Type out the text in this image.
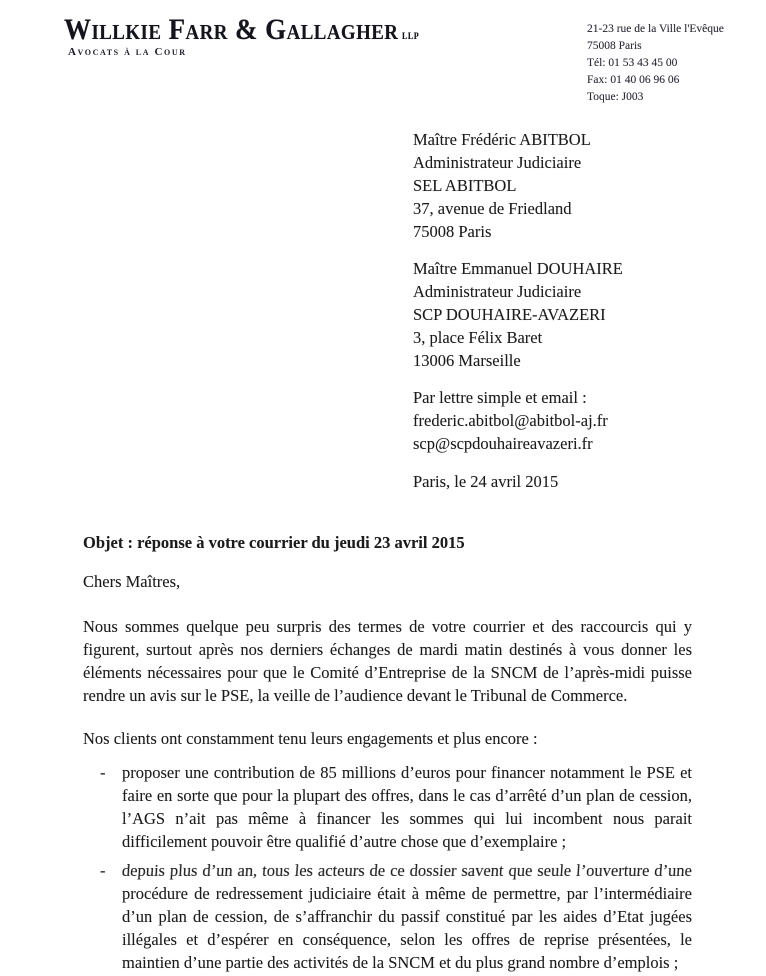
Willkie Farr & Gallagher llp
Avocats à la Cour
21-23 rue de la Ville l'Evêque
75008 Paris
Tél: 01 53 43 45 00
Fax: 01 40 06 96 06
Toque: J003
Maître Frédéric ABITBOL
Administrateur Judiciaire
SEL ABITBOL
37, avenue de Friedland
75008 Paris
Maître Emmanuel DOUHAIRE
Administrateur Judiciaire
SCP DOUHAIRE-AVAZERI
3, place Félix Baret
13006 Marseille
Par lettre simple et email :
frederic.abitbol@abitbol-aj.fr
scp@scpdouhaireavazeri.fr
Paris, le 24 avril 2015
Objet : réponse à votre courrier du jeudi 23 avril 2015
Chers Maîtres,
Nous sommes quelque peu surpris des termes de votre courrier et des raccourcis qui y
figurent, surtout après nos derniers échanges de mardi matin destinés à vous donner les
éléments nécessaires pour que le Comité d’Entreprise de la SNCM de l’après-midi puisse
rendre un avis sur le PSE, la veille de l’audience devant le Tribunal de Commerce.
Nos clients ont constamment tenu leurs engagements et plus encore :
-	proposer une contribution de 85 millions d’euros pour financer notamment le PSE et
faire en sorte que pour la plupart des offres, dans le cas d’arrêté d’un plan de cession,
l’AGS n’ait pas même à financer les sommes qui lui incombent nous parait
difficilement pouvoir être qualifié d’autre chose que d’exemplaire ;
- depuis plus d’un an, tous les acteurs de ce dossier savent que seule l’ouverture d’une
procédure de redressement judiciaire était à même de permettre, par l’intermédiaire
d’un plan de cession, de s’affranchir du passif constitué par les aides d’Etat jugées
illégales et d’espérer en conséquence, selon les offres de reprise présentées, le
maintien d’une partie des activités de la SNCM et du plus grand nombre d’emplois ;
